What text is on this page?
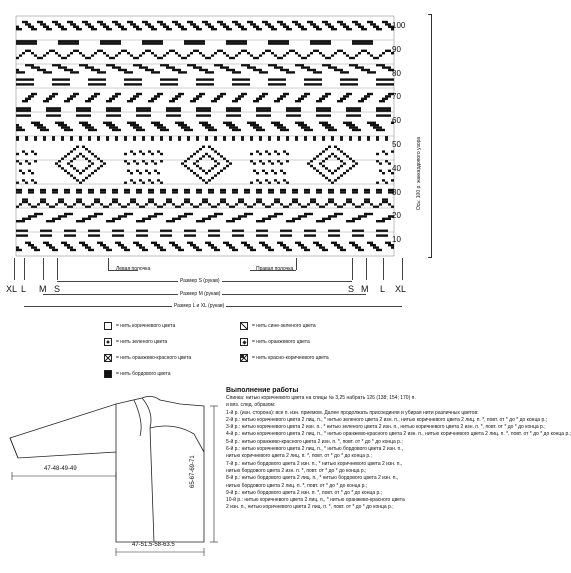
100
90
80
70
60
50
40
30
20
10
Ось: 100 р. жаккардового узора
XL L M S	S M L XL
Левая полочка	Правая полочка
Размер S (рукав)
Размер М (рукав)
Размер L и XL (рукав)
= нить коричневого цвета	= нить сине-зеленого цвета
= нить зеленого цвета	= нить оранжевого цвета
= нить оранжево-красного цвета	= нить красно-коричневого цвета
= нить бордового цвета
Выполнение работы
Спинка: нитью коричневого цвета на спицы № 3,25 набрать 126 (138; 154; 170) п.
и вяз. след. образом:
1-й р. (изн. сторона): все п. изн. приемом. Далее продолжать присоединяя и убирая нити различных цветов:
2-й р.: нитью коричневого цвета 2 лиц. п., * нитью зеленого цвета 2 изн. п., нитью коричневого цвета 2 лиц. п. *, повт. от * до * до конца р.;
3-й р.: нитью коричневого цвета 2 изн. п., * нитью зеленого цвета 2 изн. п., нитью коричневого цвета 2 изн. п. *, повт. от * до * до конца р.;
4-й р.: нитью коричневого цвета 2 лиц. п., * нитью оранжево-красного цвета 2 изн. п., нитью коричневого цвета 2 лиц. п. *, повт. от * до * до конца р.;
5-й р.: нитью оранжево-красного цвета 2 изн. п. *, повт. от * до * до конца р.;
6-й р.: нитью коричневого цвета 2 лиц. п., * нитью бордового цвета 2 изн. п.,
нитью коричневого цвета 2 лиц. п. *, повт. от * до * до конца р.;
7-й р.: нитью бордового цвета 2 изн. п., * нитью коричневого цвета 2 изн. п.,
нитью бордового цвета 2 изн. п. *, повт. от * до * до конца р.;
8-й р.: нитью бордового цвета 2 лиц. п., * нитью бордового цвета 2 изн. п.,
нитью бордового цвета 2 лиц. п. *, повт. от * до * до конца р.;
9-й р.: нитью бордового цвета 2 изн. п. *, повт. от * до * до конца р.;
10-й р.: нитью коричневого цвета 2 лиц. п., * нитью оранжево-красного цвета
2 изн. п., нитью коричневого цвета 2 лиц. п. *, повт. от * до * до конца р.;
47-48-49-49
47-51.5-58-63.5
65-67-69-71
